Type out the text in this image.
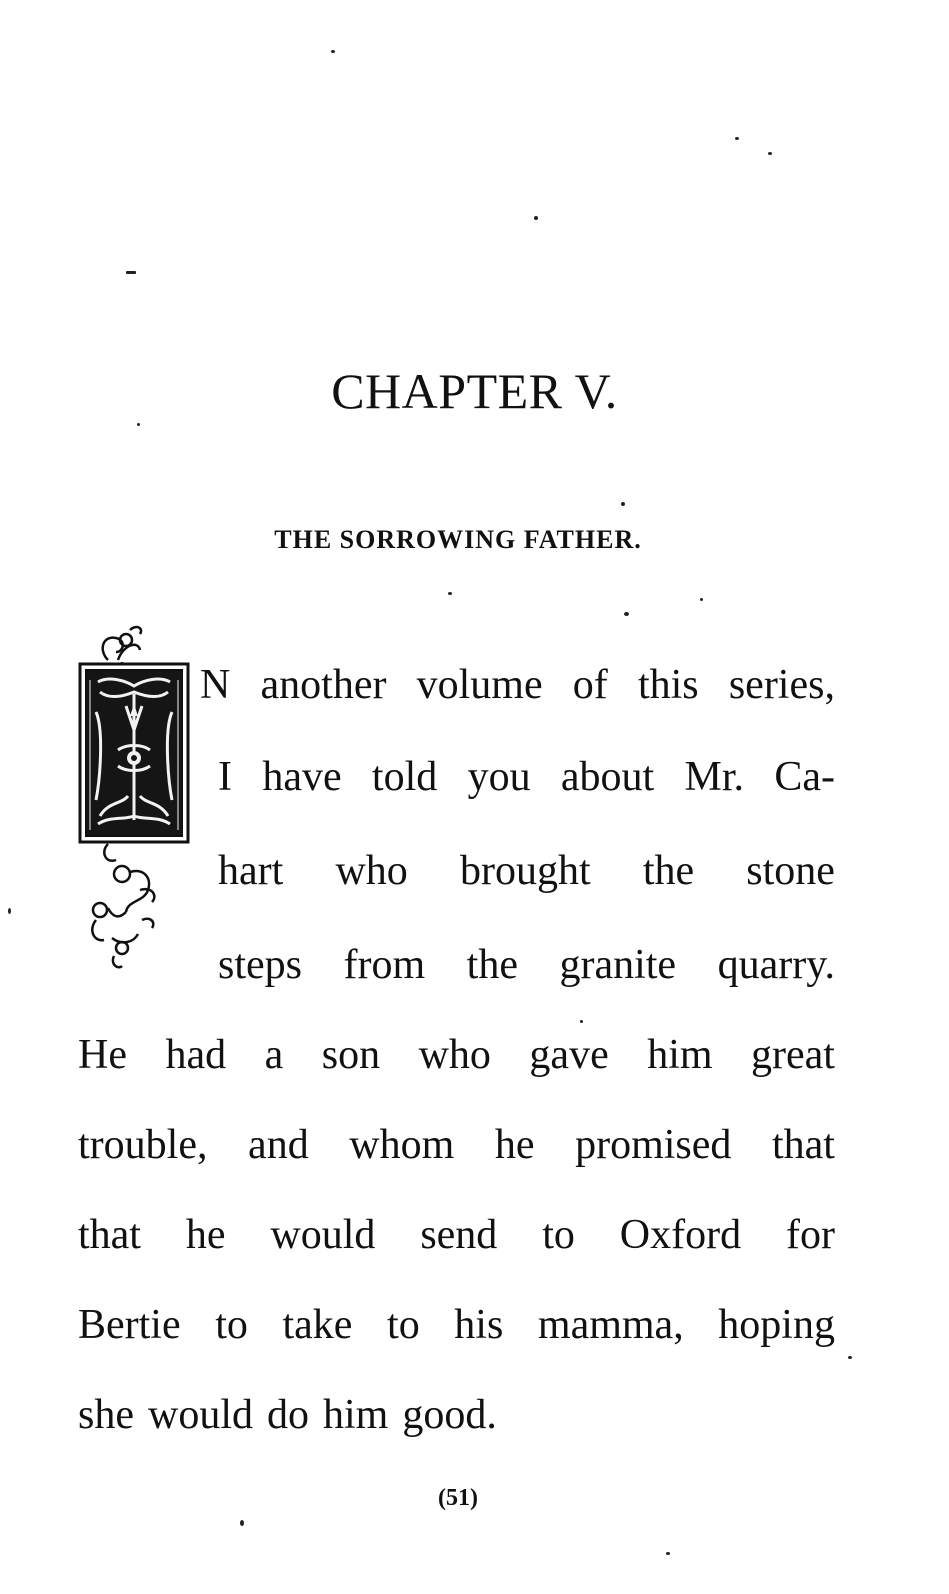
CHAPTER V.
THE SORROWING FATHER.
N another volume of this series,
I have told you about Mr. Ca-
hart who brought the stone
steps from the granite quarry.
He had a son who gave him great
trouble, and whom he promised that
that he would send to Oxford for
Bertie to take to his mamma, hoping
she would do him good.
(51)
